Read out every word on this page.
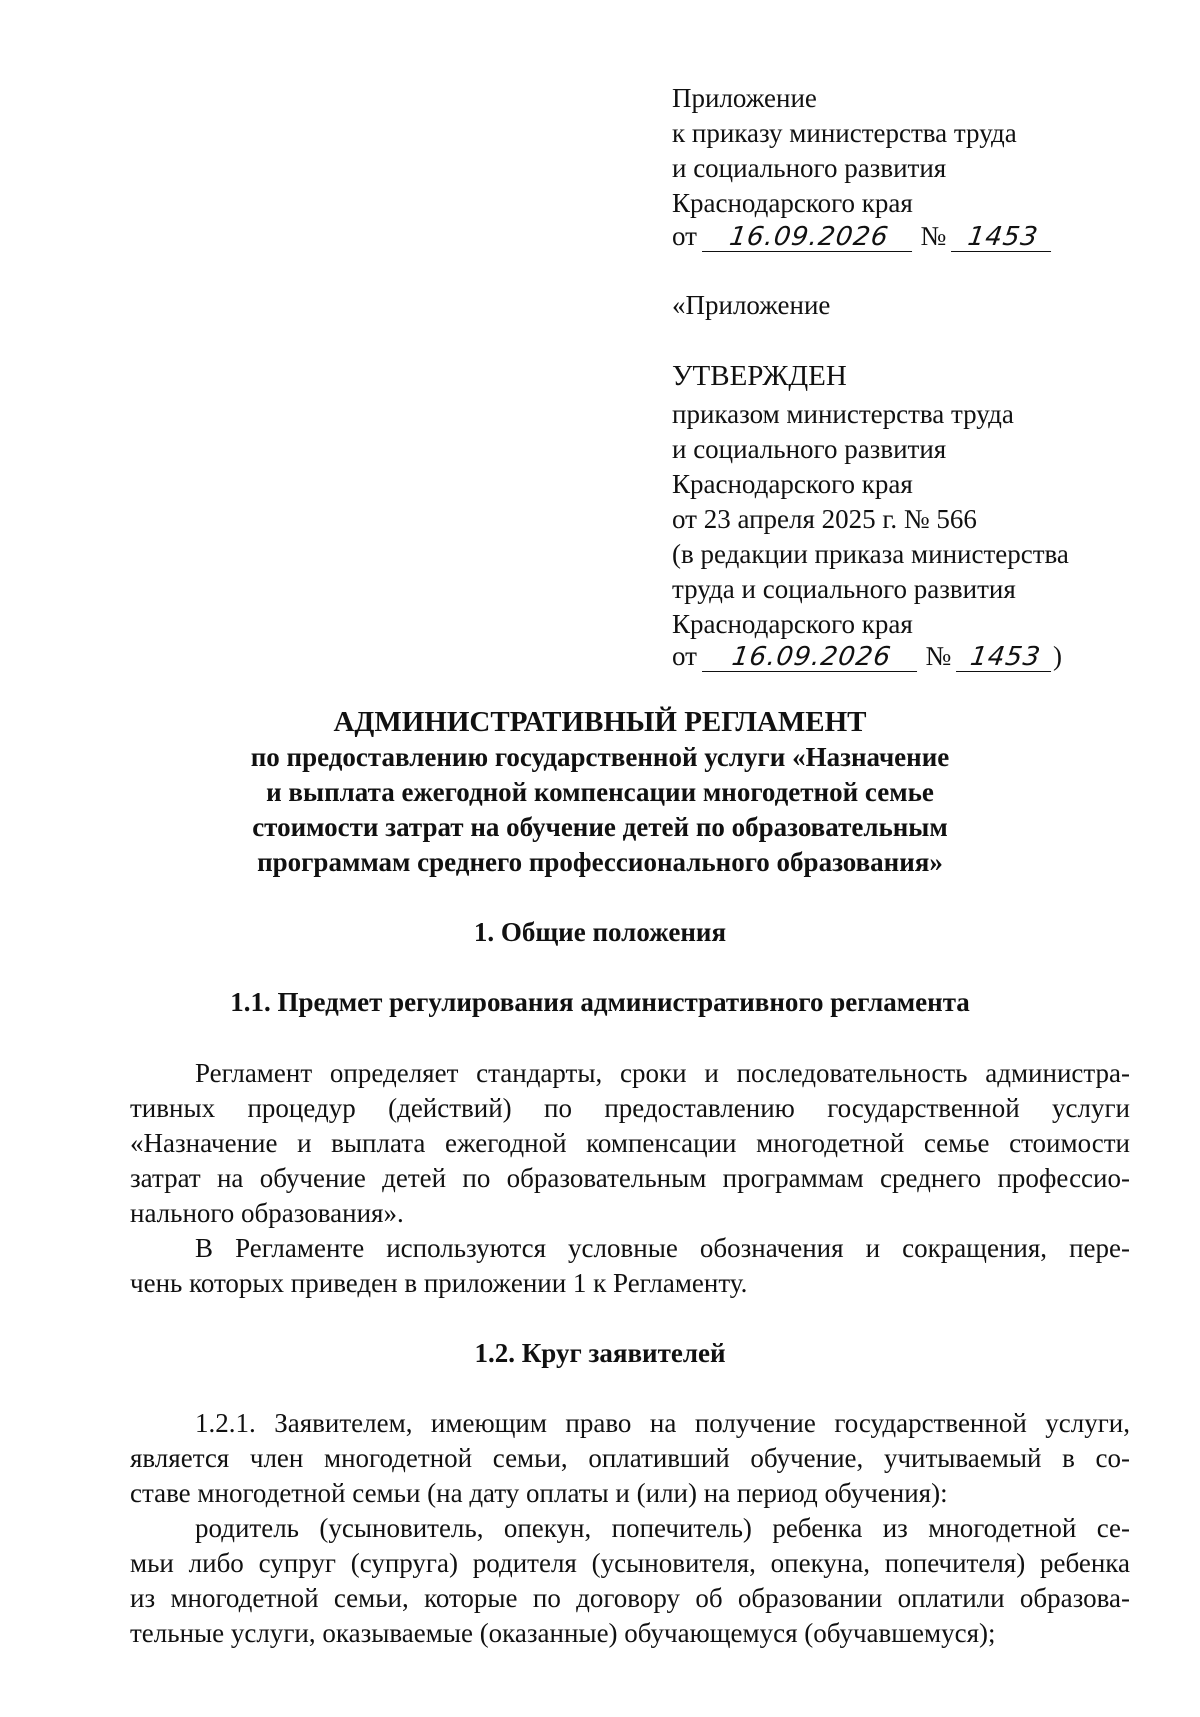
Приложение
к приказу министерства труда
и социального развития
Краснодарского края
от 16.09.2026 № 1453
«Приложение
УТВЕРЖДЕН
приказом министерства труда
и социального развития
Краснодарского края
от 23 апреля 2025 г. № 566
(в редакции приказа министерства
труда и социального развития
Краснодарского края
от 16.09.2026 № 1453 )
АДМИНИСТРАТИВНЫЙ РЕГЛАМЕНТ
по предоставлению государственной услуги «Назначение
и выплата ежегодной компенсации многодетной семье
стоимости затрат на обучение детей по образовательным
программам среднего профессионального образования»
1. Общие положения
1.1. Предмет регулирования административного регламента
Регламент определяет стандарты, сроки и последовательность администра-
тивных процедур (действий) по предоставлению государственной услуги
«Назначение и выплата ежегодной компенсации многодетной семье стоимости
затрат на обучение детей по образовательным программам среднего профессио-
нального образования».
В Регламенте используются условные обозначения и сокращения, пере-
чень которых приведен в приложении 1 к Регламенту.
1.2. Круг заявителей
1.2.1. Заявителем, имеющим право на получение государственной услуги,
является член многодетной семьи, оплативший обучение, учитываемый в со-
ставе многодетной семьи (на дату оплаты и (или) на период обучения):
родитель (усыновитель, опекун, попечитель) ребенка из многодетной се-
мьи либо супруг (супруга) родителя (усыновителя, опекуна, попечителя) ребенка
из многодетной семьи, которые по договору об образовании оплатили образова-
тельные услуги, оказываемые (оказанные) обучающемуся (обучавшемуся);
